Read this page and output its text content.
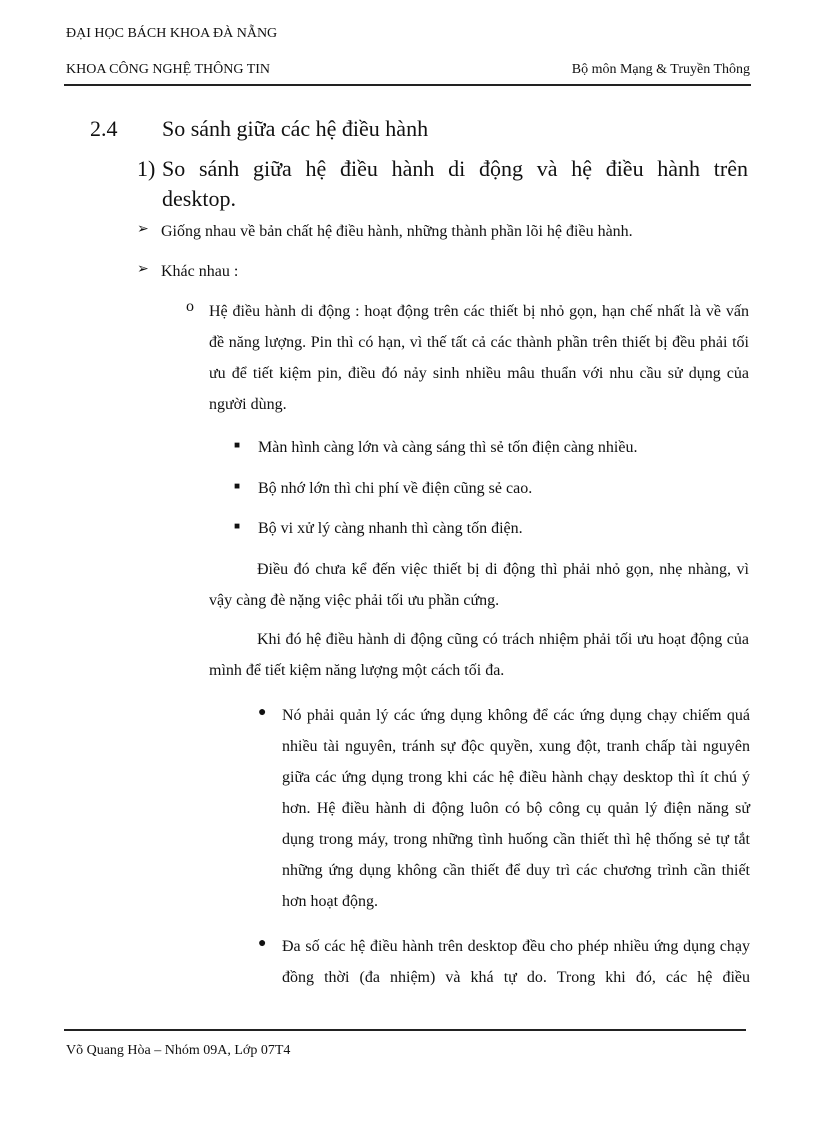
ĐẠI HỌC BÁCH KHOA ĐÀ NẴNG
KHOA CÔNG NGHỆ THÔNG TIN	Bộ môn Mạng & Truyền Thông
2.4 So sánh giữa các hệ điều hành
1) So sánh giữa hệ điều hành di động và hệ điều hành trên
desktop.
➢ Giống nhau về bản chất hệ điều hành, những thành phần lõi hệ điều hành.
➢ Khác nhau :
o Hệ điều hành di động : hoạt động trên các thiết bị nhỏ gọn, hạn chế nhất là về vấn đề năng lượng. Pin thì có hạn, vì thế tất cả các thành phần trên thiết bị đều phải tối ưu để tiết kiệm pin, điều đó nảy sinh nhiều mâu thuẩn với nhu cầu sử dụng của người dùng.
■ Màn hình càng lớn và càng sáng thì sẻ tốn điện càng nhiều.
■ Bộ nhớ lớn thì chi phí về điện cũng sẻ cao.
■ Bộ vi xử lý càng nhanh thì càng tốn điện.
Điều đó chưa kể đến việc thiết bị di động thì phải nhỏ gọn, nhẹ nhàng, vì vậy càng đè nặng việc phải tối ưu phần cứng.
Khi đó hệ điều hành di động cũng có trách nhiệm phải tối ưu hoạt động của mình để tiết kiệm năng lượng một cách tối đa.
● Nó phải quản lý các ứng dụng không để các ứng dụng chạy chiếm quá nhiều tài nguyên, tránh sự độc quyền, xung đột, tranh chấp tài nguyên giữa các ứng dụng trong khi các hệ điều hành chạy desktop thì ít chú ý hơn. Hệ điều hành di động luôn có bộ công cụ quản lý điện năng sử dụng trong máy, trong những tình huống cần thiết thì hệ thống sẻ tự tắt những ứng dụng không cần thiết để duy trì các chương trình cần thiết hơn hoạt động.
● Đa số các hệ điều hành trên desktop đều cho phép nhiều ứng dụng chạy đồng thời (đa nhiệm) và khá tự do. Trong khi đó, các hệ điều
Võ Quang Hòa – Nhóm 09A, Lớp 07T4
